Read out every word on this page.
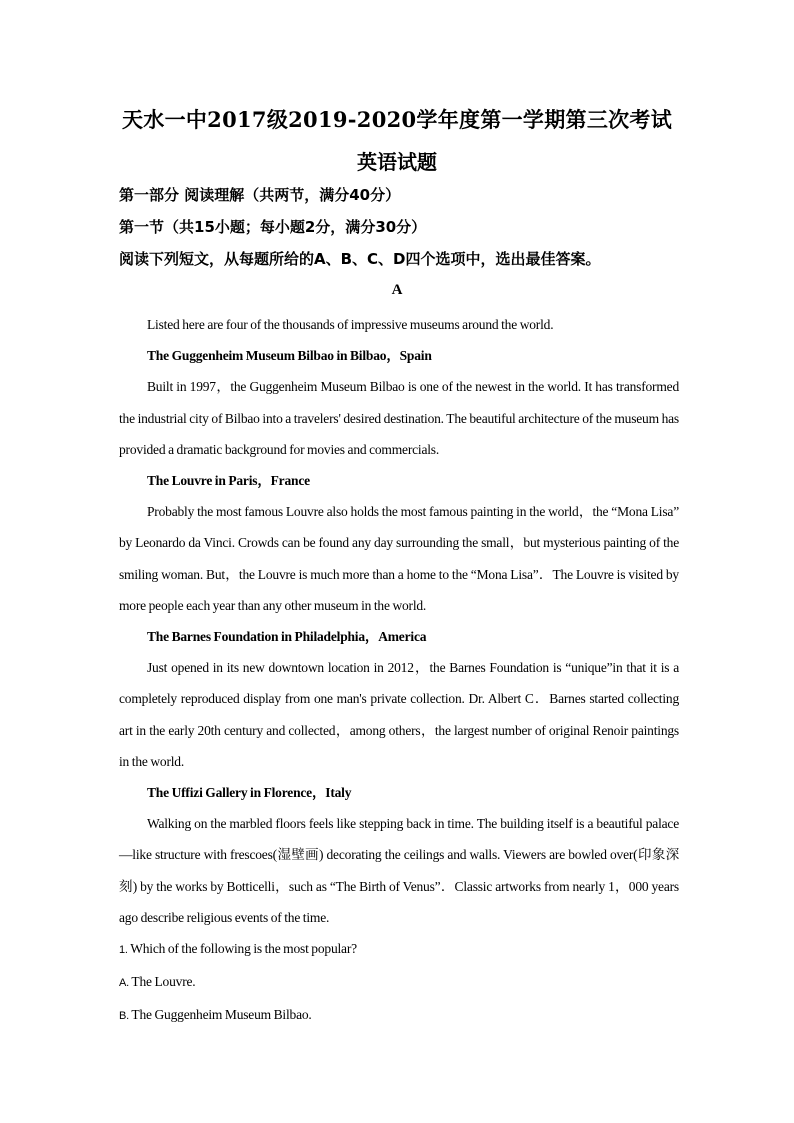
天水一中2017级2019-2020学年度第一学期第三次考试
英语试题
第一部分 阅读理解（共两节，满分40分）
第一节（共15小题；每小题2分，满分30分）
阅读下列短文，从每题所给的A、B、C、D四个选项中，选出最佳答案。
A

Listed here are four of the thousands of impressive museums around the world.

The Guggenheim Museum Bilbao in Bilbao，Spain

Built in 1997，the Guggenheim Museum Bilbao is one of the newest in the world. It has transformed the industrial city of Bilbao into a travelers' desired destination. The beautiful architecture of the museum has provided a dramatic background for movies and commercials.

The Louvre in Paris，France

Probably the most famous Louvre also holds the most famous painting in the world，the “Mona Lisa” by Leonardo da Vinci. Crowds can be found any day surrounding the small，but mysterious painting of the smiling woman. But，the Louvre is much more than a home to the “Mona Lisa”．The Louvre is visited by more people each year than any other museum in the world.

The Barnes Foundation in Philadelphia，America

Just opened in its new downtown location in 2012，the Barnes Foundation is “unique”in that it is a completely reproduced display from one man's private collection. Dr. Albert C．Barnes started collecting art in the early 20th century and collected，among others，the largest number of original Renoir paintings in the world.

The Uffizi Gallery in Florence，Italy

Walking on the marbled floors feels like stepping back in time. The building itself is a beautiful palace—like structure with frescoes(湿壁画) decorating the ceilings and walls. Viewers are bowled over(印象深刻) by the works by Botticelli，such as “The Birth of Venus”．Classic artworks from nearly 1，000 years ago describe religious events of the time.

1. Which of the following is the most popular?

A. The Louvre.

B. The Guggenheim Museum Bilbao.
